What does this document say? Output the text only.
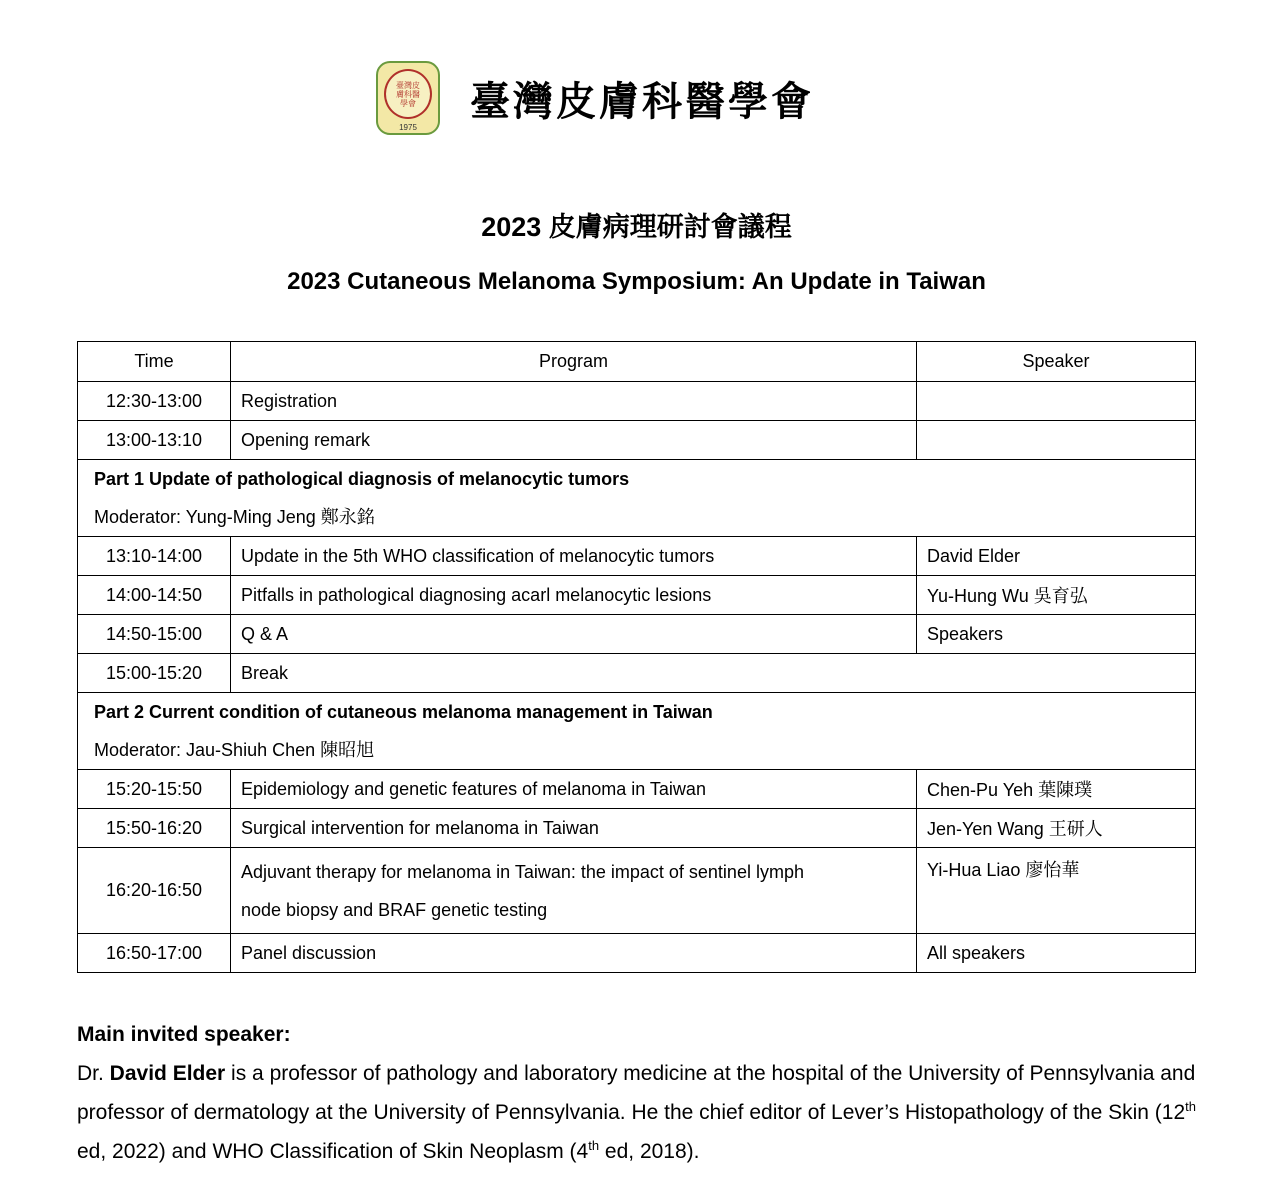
臺灣皮膚科醫學會
1975
臺灣皮膚科醫學會
2023 皮膚病理研討會議程
2023 Cutaneous Melanoma Symposium: An Update in Taiwan
Time	Program	Speaker
12:30-13:00	Registration	
13:00-13:10	Opening remark	

Part 1 Update of pathological diagnosis of melanocytic tumors
Moderator: Yung-Ming Jeng 鄭永銘		

13:10-14:00	Update in the 5th WHO classification of melanocytic tumors	David Elder
14:00-14:50	Pitfalls in pathological diagnosing acarl melanocytic lesions	Yu-Hung Wu 吳育弘
14:50-15:00	Q & A	Speakers
15:00-15:20	Break	

Part 2 Current condition of cutaneous melanoma management in Taiwan
Moderator: Jau-Shiuh Chen 陳昭旭		

15:20-15:50	Epidemiology and genetic features of melanoma in Taiwan	Chen-Pu Yeh 葉陳璞
15:50-16:20	Surgical intervention for melanoma in Taiwan	Jen-Yen Wang 王研人
16:20-16:50	Adjuvant therapy for melanoma in Taiwan: the impact of sentinel lymph
node biopsy and BRAF genetic testing	Yi-Hua Liao 廖怡華
16:50-17:00	Panel discussion	All speakers
Main invited speaker:

Dr. David Elder is a professor of pathology and laboratory medicine at the hospital of the University of Pennsylvania and professor of dermatology at the University of Pennsylvania. He the chief editor of Lever’s Histopathology of the Skin (12th ed, 2022) and WHO Classification of Skin Neoplasm (4th ed, 2018).
